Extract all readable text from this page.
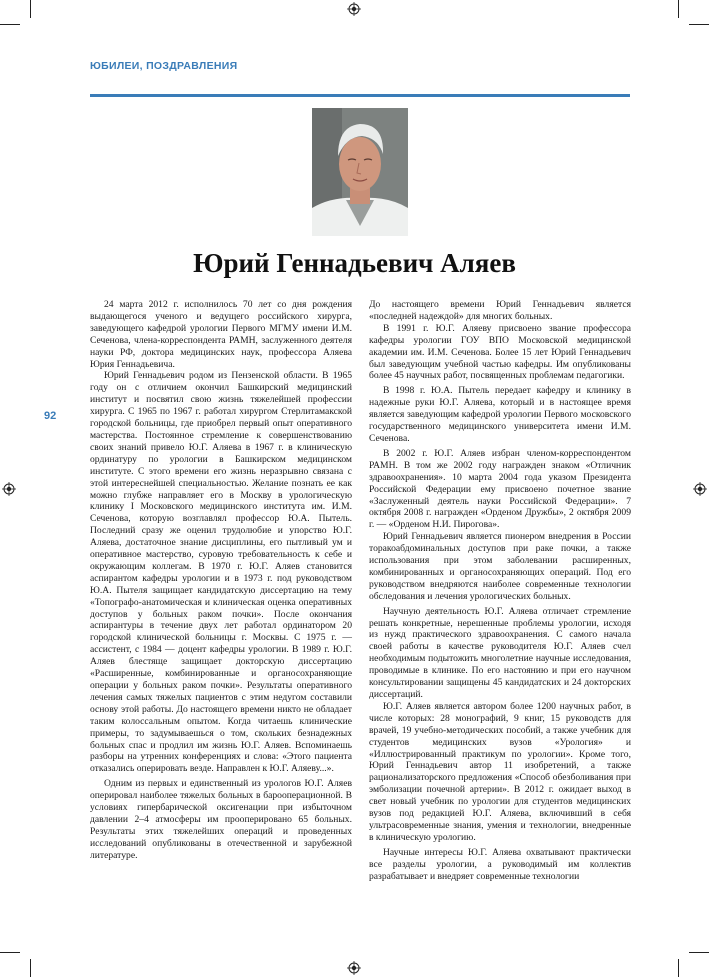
ЮБИЛЕИ, ПОЗДРАВЛЕНИЯ
Юрий Геннадьевич Аляев
92

24 марта 2012 г. исполнилось 70 лет со дня рождения выдающегося ученого и ведущего российского хирурга, заведующего кафедрой урологии Первого МГМУ имени И.М. Сеченова, члена-корреспондента РАМН, заслуженного деятеля науки РФ, доктора медицинских наук, профессора Аляева Юрия Геннадьевича.

Юрий Геннадьевич родом из Пензенской области. В 1965 году он с отличием окончил Башкирский медицинский институт и посвятил свою жизнь тяжелейшей профессии хирурга. С 1965 по 1967 г. работал хирургом Стерлитамакской городской больницы, где приобрел первый опыт оперативного мастерства. Постоянное стремление к совершенствованию своих знаний привело Ю.Г. Аляева в 1967 г. в клиническую ординатуру по урологии в Башкирском медицинском институте. С этого времени его жизнь неразрывно связана с этой интереснейшей специальностью. Желание познать ее как можно глубже направляет его в Москву в урологическую клинику I Московского медицинского института им. И.М. Сеченова, которую возглавлял профессор Ю.А. Пытель. Последний сразу же оценил трудолюбие и упорство Ю.Г. Аляева, достаточное знание дисциплины, его пытливый ум и оперативное мастерство, суровую требовательность к себе и окружающим коллегам. В 1970 г. Ю.Г. Аляев становится аспирантом кафедры урологии и в 1973 г. под руководством Ю.А. Пытеля защищает кандидатскую диссертацию на тему «Топографо-анатомическая и клиническая оценка оперативных доступов у больных раком почки». После окончания аспирантуры в течение двух лет работал ординатором 20 городской клинической больницы г. Москвы. С 1975 г. — ассистент, с 1984 — доцент кафедры урологии. В 1989 г. Ю.Г. Аляев блестяще защищает докторскую диссертацию «Расширенные, комбинированные и органосохраняющие операции у больных раком почки». Результаты оперативного лечения самых тяжелых пациентов с этим недугом составили основу этой работы. До настоящего времени никто не обладает таким колоссальным опытом. Когда читаешь клинические примеры, то задумываешься о том, скольких безнадежных больных спас и продлил им жизнь Ю.Г. Аляев. Вспоминаешь разборы на утренних конференциях и слова: «Этого пациента отказались оперировать везде. Направлен к Ю.Г. Аляеву...».

Одним из первых и единственный из урологов Ю.Г. Аляев оперировал наиболее тяжелых больных в барооперационной. В условиях гипербарической оксигенации при избыточном давлении 2–4 атмосферы им прооперировано 65 больных. Результаты этих тяжелейших операций и проведенных исследований опубликованы в отечественной и зарубежной литературе.

До настоящего времени Юрий Геннадьевич является «последней надеждой» для многих больных.

В 1991 г. Ю.Г. Аляеву присвоено звание профессора кафедры урологии ГОУ ВПО Московской медицинской академии им. И.М. Сеченова. Более 15 лет Юрий Геннадьевич был заведующим учебной частью кафедры. Им опубликованы более 45 научных работ, посвященных проблемам педагогики.

В 1998 г. Ю.А. Пытель передает кафедру и клинику в надежные руки Ю.Г. Аляева, который и в настоящее время является заведующим кафедрой урологии Первого московского государственного медицинского университета имени И.М. Сеченова.

В 2002 г. Ю.Г. Аляев избран членом-корреспондентом РАМН. В том же 2002 году награжден знаком «Отличник здравоохранения». 10 марта 2004 года указом Президента Российской Федерации ему присвоено почетное звание «Заслуженный деятель науки Российской Федерации». 7 октября 2008 г. награжден «Орденом Дружбы», 2 октября 2009 г. — «Орденом Н.И. Пирогова».

Юрий Геннадьевич является пионером внедрения в России торакоабдоминальных доступов при раке почки, а также использования при этом заболевании расширенных, комбинированных и органосохраняющих операций. Под его руководством внедряются наиболее современные технологии обследования и лечения урологических больных.

Научную деятельность Ю.Г. Аляева отличает стремление решать конкретные, нерешенные проблемы урологии, исходя из нужд практического здравоохранения. С самого начала своей работы в качестве руководителя Ю.Г. Аляев счел необходимым подытожить многолетние научные исследования, проводимые в клинике. По его настоянию и при его научном консультировании защищены 45 кандидатских и 24 докторских диссертаций.

Ю.Г. Аляев является автором более 1200 научных работ, в числе которых: 28 монографий, 9 книг, 15 руководств для врачей, 19 учебно-методических пособий, а также учебник для студентов медицинских вузов «Урология» и «Иллюстрированный практикум по урологии». Кроме того, Юрий Геннадьевич автор 11 изобретений, а также рационализаторского предложения «Способ обезболивания при эмболизации почечной артерии». В 2012 г. ожидает выход в свет новый учебник по урологии для студентов медицинских вузов под редакцией Ю.Г. Аляева, включивший в себя ультрасовременные знания, умения и технологии, внедренные в клиническую урологию.

Научные интересы Ю.Г. Аляева охватывают практически все разделы урологии, а руководимый им коллектив разрабатывает и внедряет современные технологии
